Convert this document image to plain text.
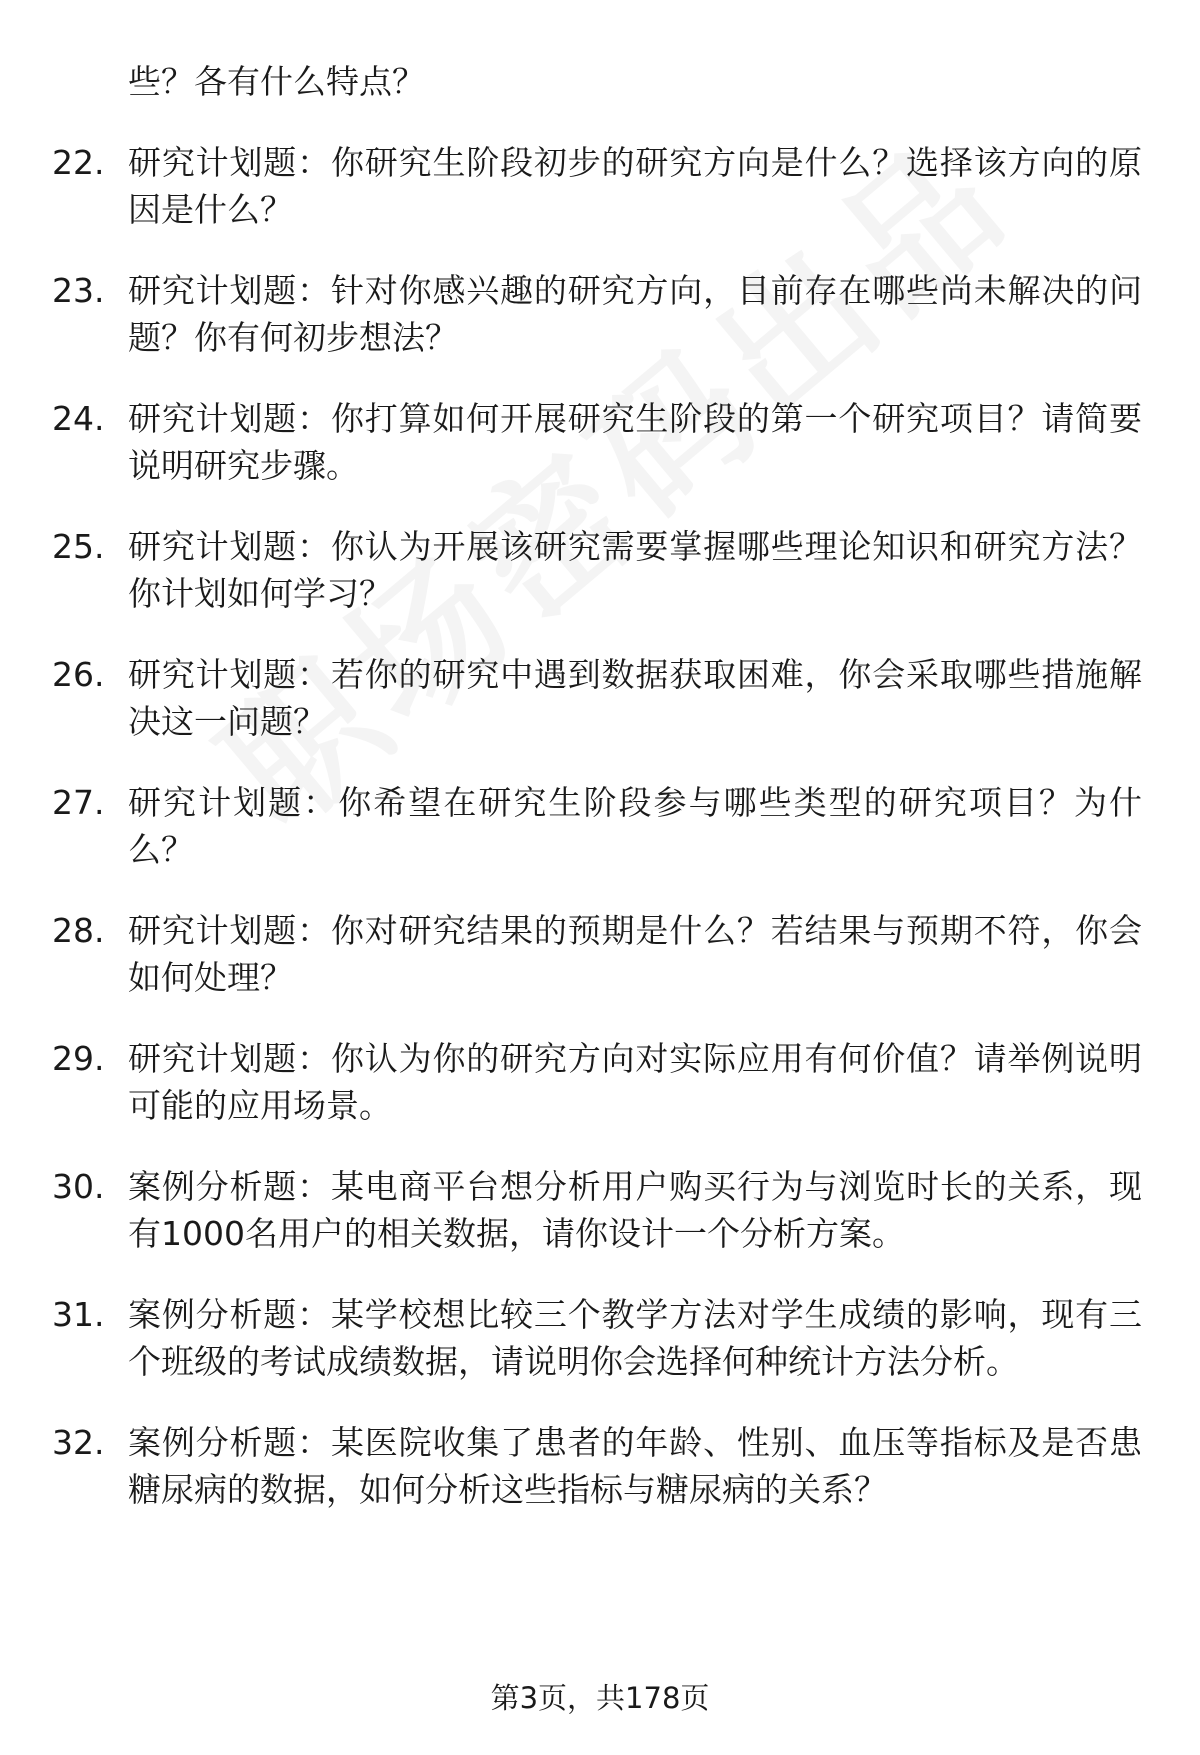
些？各有什么特点？

22. 研究计划题：你研究生阶段初步的研究方向是什么？选择该方向的原因是什么？
23. 研究计划题：针对你感兴趣的研究方向，目前存在哪些尚未解决的问题？你有何初步想法？
24. 研究计划题：你打算如何开展研究生阶段的第一个研究项目？请简要说明研究步骤。
25. 研究计划题：你认为开展该研究需要掌握哪些理论知识和研究方法？你计划如何学习？
26. 研究计划题：若你的研究中遇到数据获取困难，你会采取哪些措施解决这一问题？
27. 研究计划题：你希望在研究生阶段参与哪些类型的研究项目？为什么？
28. 研究计划题：你对研究结果的预期是什么？若结果与预期不符，你会如何处理？
29. 研究计划题：你认为你的研究方向对实际应用有何价值？请举例说明可能的应用场景。
30. 案例分析题：某电商平台想分析用户购买行为与浏览时长的关系，现有1000名用户的相关数据，请你设计一个分析方案。
31. 案例分析题：某学校想比较三个教学方法对学生成绩的影响，现有三个班级的考试成绩数据，请说明你会选择何种统计方法分析。
32. 案例分析题：某医院收集了患者的年龄、性别、血压等指标及是否患糖尿病的数据，如何分析这些指标与糖尿病的关系？
第3页，共178页
